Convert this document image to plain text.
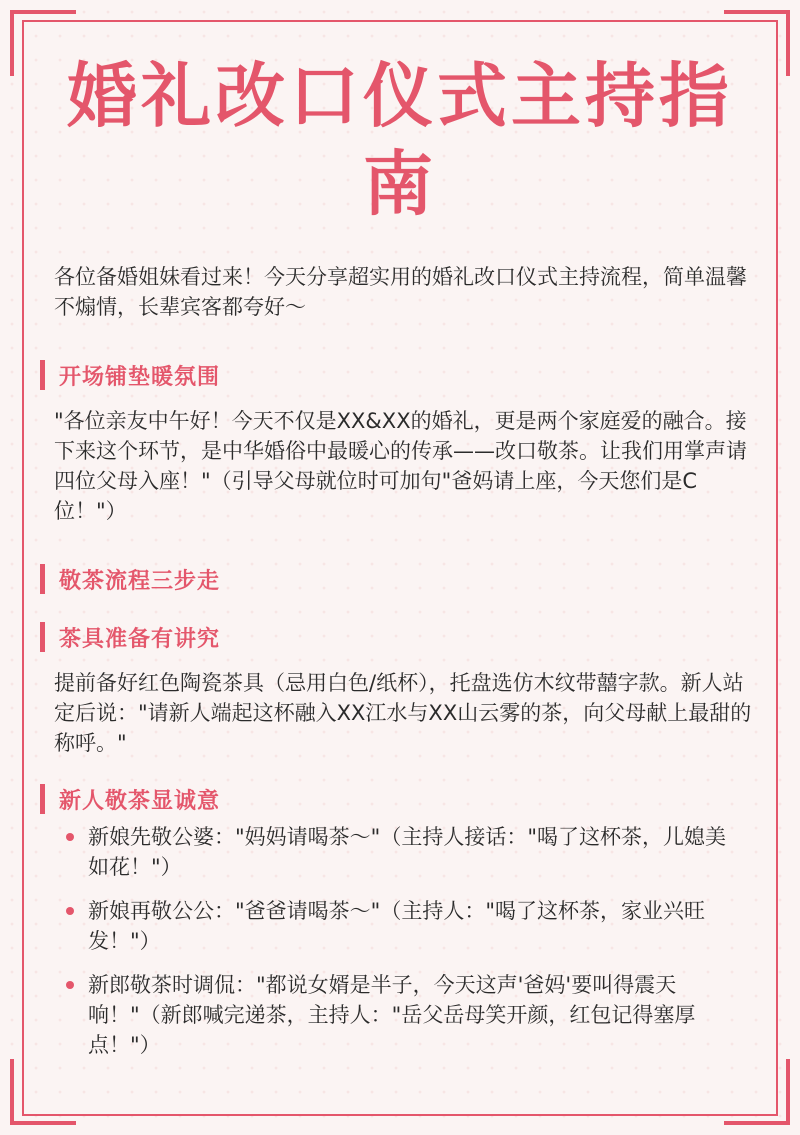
婚礼改口仪式主持指南
各位备婚姐妹看过来！今天分享超实用的婚礼改口仪式主持流程，简单温馨不煽情，长辈宾客都夸好～
开场铺垫暖氛围
"各位亲友中午好！今天不仅是XX&XX的婚礼，更是两个家庭爱的融合。接下来这个环节，是中华婚俗中最暖心的传承——改口敬茶。让我们用掌声请四位父母入座！"（引导父母就位时可加句"爸妈请上座，今天您们是C位！"）
敬茶流程三步走
茶具准备有讲究
提前备好红色陶瓷茶具（忌用白色/纸杯），托盘选仿木纹带囍字款。新人站定后说："请新人端起这杯融入XX江水与XX山云雾的茶，向父母献上最甜的称呼。"
新人敬茶显诚意
新娘先敬公婆："妈妈请喝茶～"（主持人接话："喝了这杯茶，儿媳美如花！"）
新娘再敬公公："爸爸请喝茶～"（主持人："喝了这杯茶，家业兴旺发！"）
新郎敬茶时调侃："都说女婿是半子，今天这声'爸妈'要叫得震天响！"（新郎喊完递茶，主持人："岳父岳母笑开颜，红包记得塞厚点！"）
